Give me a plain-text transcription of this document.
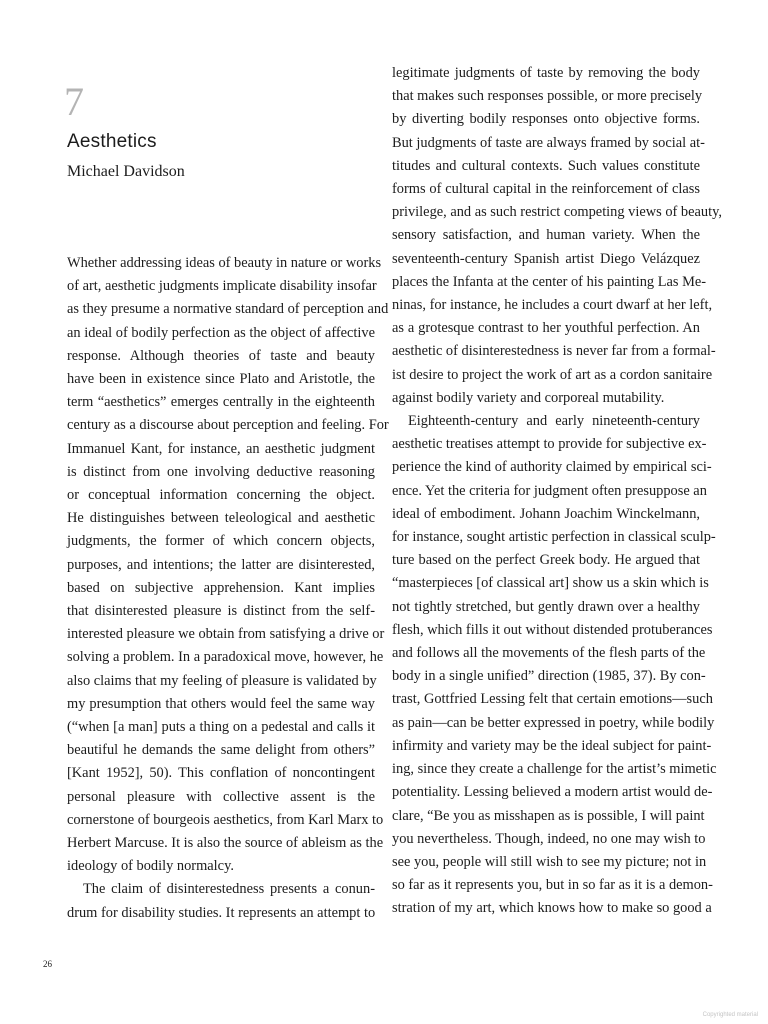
7
Aesthetics
Michael Davidson
Whether addressing ideas of beauty in nature or works
of art, aesthetic judgments implicate disability insofar
as they presume a normative standard of perception and
an ideal of bodily perfection as the object of affective
response. Although theories of taste and beauty
have been in existence since Plato and Aristotle, the
term “aesthetics” emerges centrally in the eighteenth
century as a discourse about perception and feeling. For
Immanuel Kant, for instance, an aesthetic judgment
is distinct from one involving deductive reasoning
or conceptual information concerning the object.
He distinguishes between teleological and aesthetic
judgments, the former of which concern objects,
purposes, and intentions; the latter are disinterested,
based on subjective apprehension. Kant implies
that disinterested pleasure is distinct from the self-
interested pleasure we obtain from satisfying a drive or
solving a problem. In a paradoxical move, however, he
also claims that my feeling of pleasure is validated by
my presumption that others would feel the same way
(“when [a man] puts a thing on a pedestal and calls it
beautiful he demands the same delight from others”
[Kant 1952], 50). This conflation of noncontingent
personal pleasure with collective assent is the
cornerstone of bourgeois aesthetics, from Karl Marx to
Herbert Marcuse. It is also the source of ableism as the
ideology of bodily normalcy.
The claim of disinterestedness presents a conun-
drum for disability studies. It represents an attempt to
legitimate judgments of taste by removing the body
that makes such responses possible, or more precisely
by diverting bodily responses onto objective forms.
But judgments of taste are always framed by social at-
titudes and cultural contexts. Such values constitute
forms of cultural capital in the reinforcement of class
privilege, and as such restrict competing views of beauty,
sensory satisfaction, and human variety. When the
seventeenth-century Spanish artist Diego Velázquez
places the Infanta at the center of his painting Las Me-
ninas, for instance, he includes a court dwarf at her left,
as a grotesque contrast to her youthful perfection. An
aesthetic of disinterestedness is never far from a formal-
ist desire to project the work of art as a cordon sanitaire
against bodily variety and corporeal mutability.
Eighteenth-century and early nineteenth-century
aesthetic treatises attempt to provide for subjective ex-
perience the kind of authority claimed by empirical sci-
ence. Yet the criteria for judgment often presuppose an
ideal of embodiment. Johann Joachim Winckelmann,
for instance, sought artistic perfection in classical sculp-
ture based on the perfect Greek body. He argued that
“masterpieces [of classical art] show us a skin which is
not tightly stretched, but gently drawn over a healthy
flesh, which fills it out without distended protuberances
and follows all the movements of the flesh parts of the
body in a single unified” direction (1985, 37). By con-
trast, Gottfried Lessing felt that certain emotions—such
as pain—can be better expressed in poetry, while bodily
infirmity and variety may be the ideal subject for paint-
ing, since they create a challenge for the artist’s mimetic
potentiality. Lessing believed a modern artist would de-
clare, “Be you as misshapen as is possible, I will paint
you nevertheless. Though, indeed, no one may wish to
see you, people will still wish to see my picture; not in
so far as it represents you, but in so far as it is a demon-
stration of my art, which knows how to make so good a
26
Copyrighted material
